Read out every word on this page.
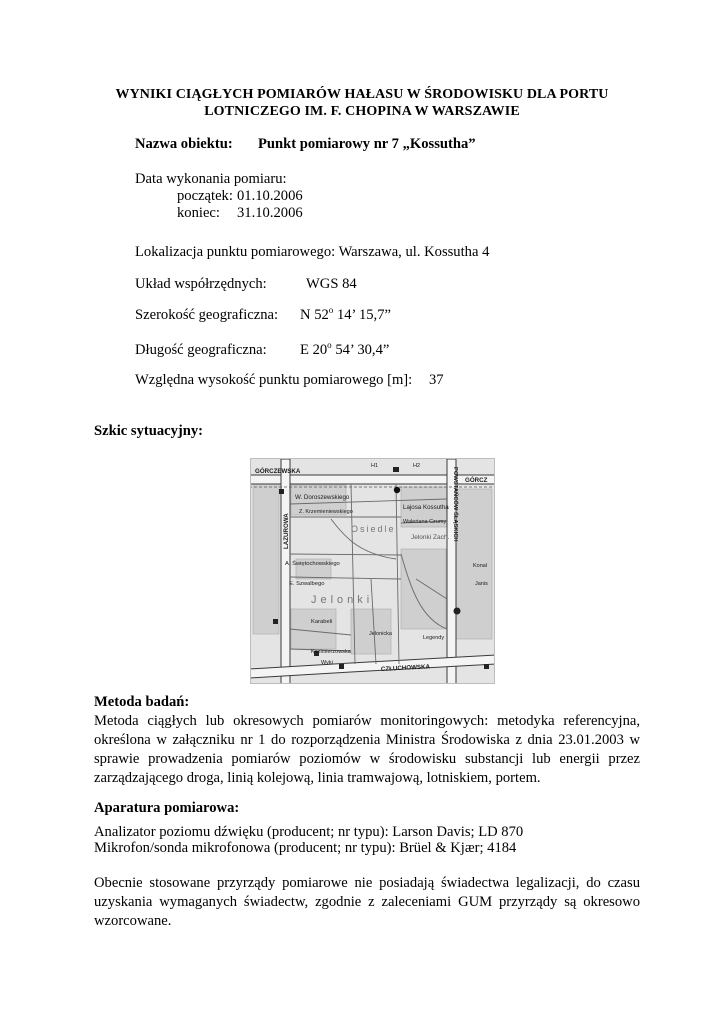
WYNIKI CIĄGŁYCH POMIARÓW HAŁASU W ŚRODOWISKU DLA PORTU
LOTNICZEGO IM. F. CHOPINA W WARSZAWIE
Nazwa obiektu: Punkt pomiarowy nr 7 „Kossutha”
Data wykonania pomiaru:
początek: 01.10.2006
koniec: 31.10.2006
Lokalizacja punktu pomiarowego: Warszawa, ul. Kossutha 4
Układ współrzędnych:	WGS 84
Szerokość geograficzna: N 52$^o$ 14’ 15,7”
Długość geograficzna: E 20$^o$ 54’ 30,4”
Względna wysokość punktu pomiarowego [m]: 37
Szkic sytuacyjny:
GÓRCZEWSKA
GÓRCZ
W. Doroszewskiego
Z. Krzemieniewskiego
Lajosa Kossutha
Waleriana Czumy
Osiedle
Jelonki Zach.
A. Świętochowskiego
E. Szwalbego
Jelonki
Karabeli
Kazimierzowska
Wyki
Jelonicka
Legendy
Konal
Janis
H1	H2
CZŁUCHOWSKA
LAZUROWA	POWSTAŃCÓW ŚLĄSKICH
Metoda badań:
Metoda ciągłych lub okresowych pomiarów monitoringowych: metodyka referencyjna, określona w załączniku nr 1 do rozporządzenia Ministra Środowiska z dnia 23.01.2003 w sprawie prowadzenia pomiarów poziomów w środowisku substancji lub energii przez zarządzającego droga, linią kolejową, linia tramwajową, lotniskiem, portem.
Aparatura pomiarowa:
Analizator poziomu dźwięku (producent; nr typu): Larson Davis; LD 870
Mikrofon/sonda mikrofonowa (producent; nr typu): Brüel & Kjær; 4184
Obecnie stosowane przyrządy pomiarowe nie posiadają świadectwa legalizacji, do czasu uzyskania wymaganych świadectw, zgodnie z zaleceniami GUM przyrządy są okresowo wzorcowane.
